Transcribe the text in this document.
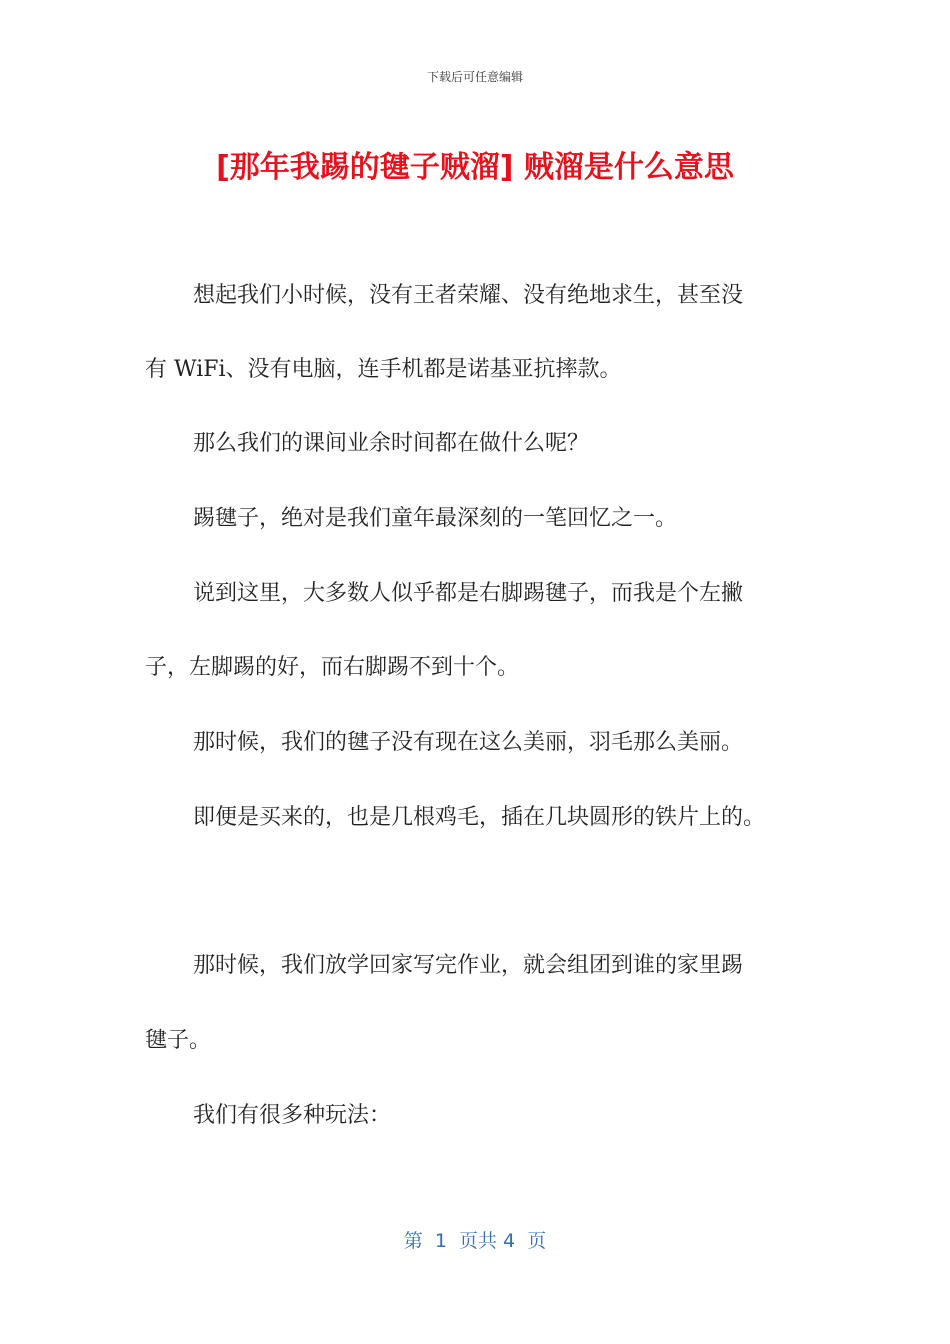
下载后可任意编辑
[那年我踢的毽子贼溜] 贼溜是什么意思

想起我们小时候，没有王者荣耀、没有绝地求生，甚至没

有 WiFi、没有电脑，连手机都是诺基亚抗摔款。

那么我们的课间业余时间都在做什么呢？

踢毽子，绝对是我们童年最深刻的一笔回忆之一。

说到这里，大多数人似乎都是右脚踢毽子，而我是个左撇

子，左脚踢的好，而右脚踢不到十个。

那时候，我们的毽子没有现在这么美丽，羽毛那么美丽。

即便是买来的，也是几根鸡毛，插在几块圆形的铁片上的。

那时候，我们放学回家写完作业，就会组团到谁的家里踢

毽子。

我们有很多种玩法：

第  1  页共 4  页
